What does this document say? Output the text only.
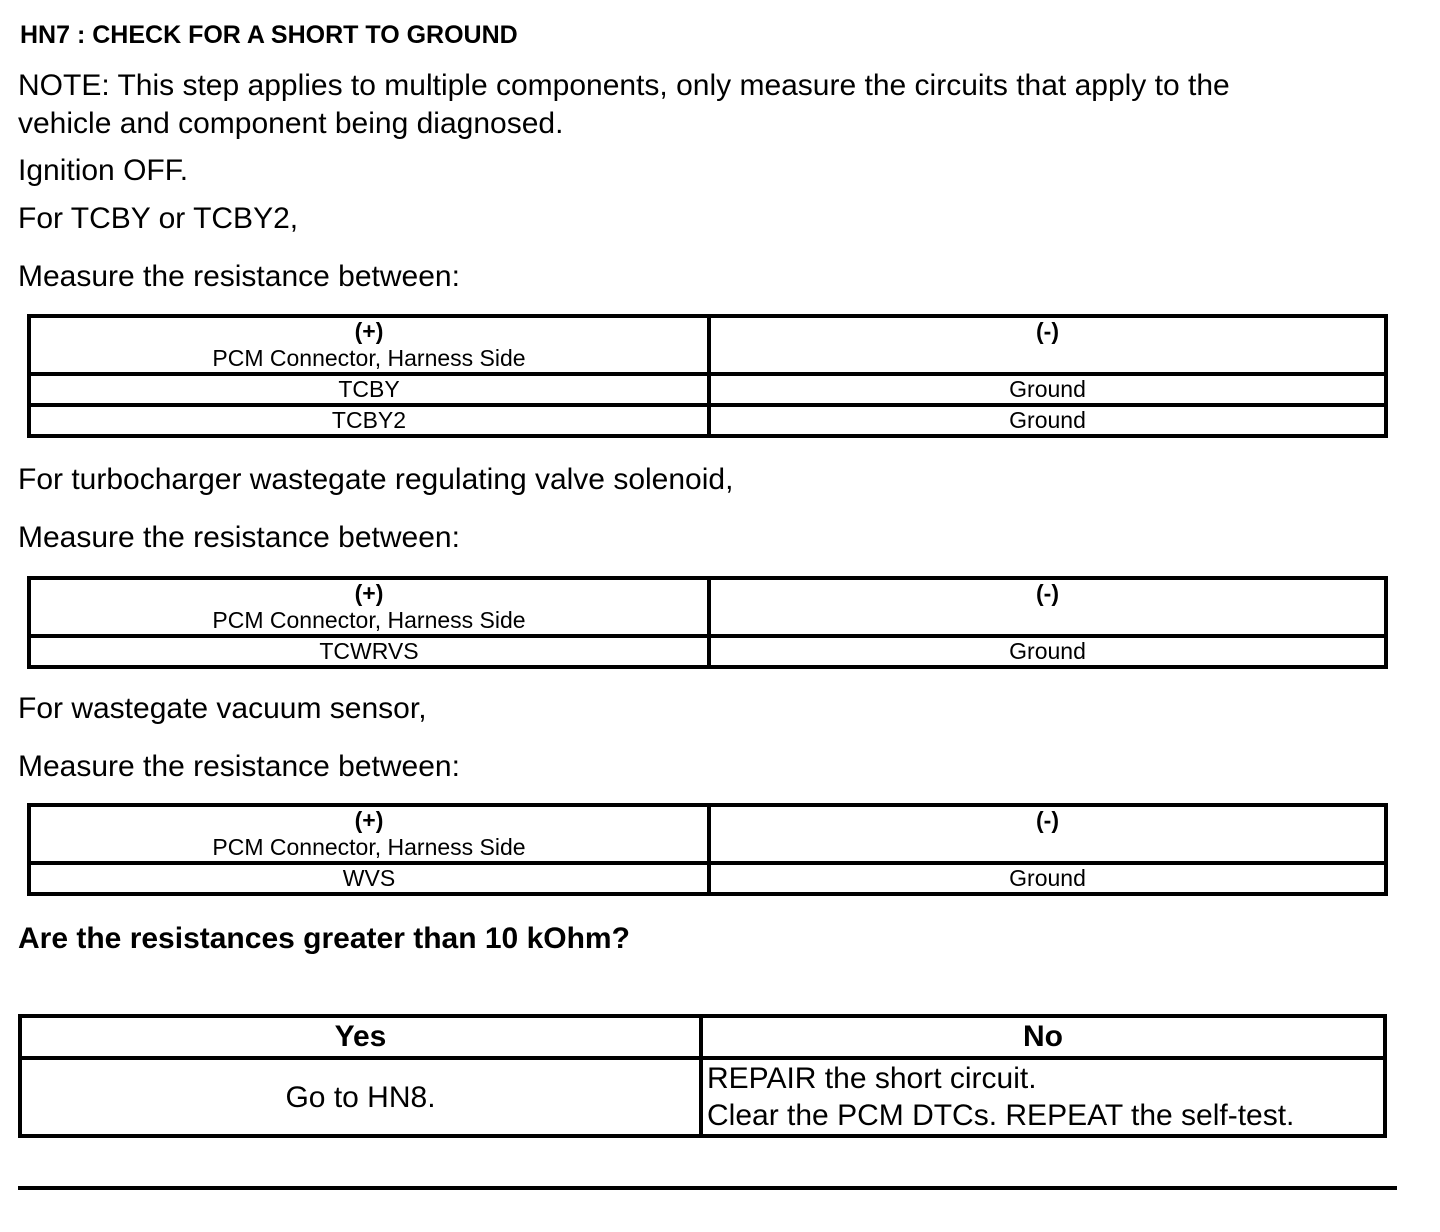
HN7 : CHECK FOR A SHORT TO GROUND
NOTE: This step applies to multiple components, only measure the circuits that apply to the
vehicle and component being diagnosed.
Ignition OFF.
For TCBY or TCBY2,
Measure the resistance between:
(+)
PCM Connector, Harness Side	(-)

TCBY	Ground
TCBY2	Ground
For turbocharger wastegate regulating valve solenoid,
Measure the resistance between:
(+)
PCM Connector, Harness Side	(-)

TCWRVS	Ground
For wastegate vacuum sensor,
Measure the resistance between:
(+)
PCM Connector, Harness Side	(-)

WVS	Ground
Are the resistances greater than 10 kOhm?
Yes	No
Go to HN8.	REPAIR the short circuit.
Clear the PCM DTCs. REPEAT the self-test.
